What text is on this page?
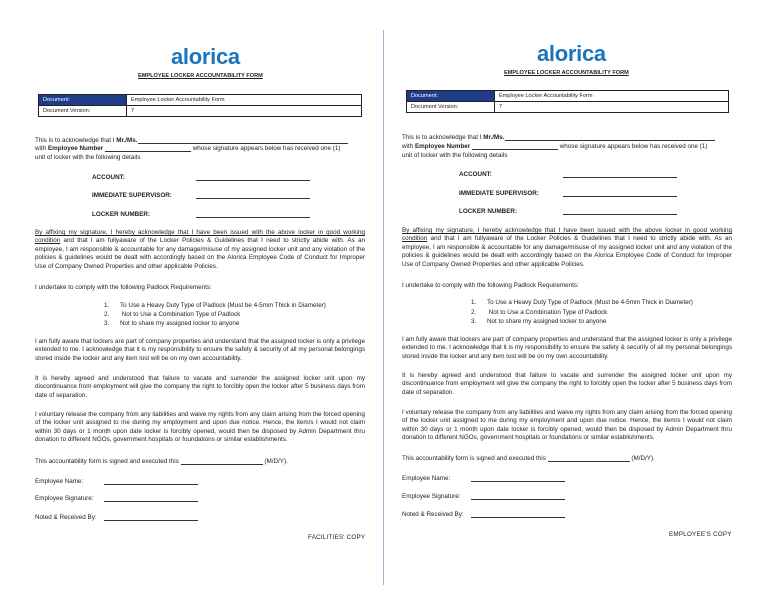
alorica
EMPLOYEE LOCKER ACCOUNTABILITY FORM
Document:	Employee Locker Accountability Form
Document Version:	7
This is to acknowledge that I Mr./Ms.
with Employee Number	whose signature appears below has received one (1)
unit of locker with the following details
ACCOUNT:
IMMEDIATE SUPERVISOR:
LOCKER NUMBER:
By affixing my signature, I hereby acknowledge that I have been issued with the above locker in good working condition and that I am fullyaware of the Locker Policies & Guidelines that I need to strictly abide with. As an employee, I am responsible & accountable for any damage/misuse of my assigned locker unit and any violation of the policies & guidelines would be dealt with accordingly based on the Alorica Employee Code of Conduct for Improper Use of Company Owned Properties and other applicable Policies.
I undertake to comply with the following Padlock Requirements:
1. To Use a Heavy Duty Type of Padlock (Must be 4-5mm Thick in Diameter)
2. Not to Use a Combination Type of Padlock
3. Not to share my assigned locker to anyone
I am fully aware that lockers are part of company properties and understand that the assigned locker is only a privilege extended to me. I acknowledge that it is my responsibility to ensure the safety & security of all my personal belongings stored inside the locker and any item lost will be on my own accountability.
It is hereby agreed and understood that failure to vacate and surrender the assigned locker unit upon my discontinuance from employment will give the company the right to forcibly open the locker after 5 business days from date of separation.
I voluntary release the company from any liabilities and waive my rights from any claim arising from the forced opening of the locker unit assigned to me during my employment and upon due notice. Hence, the item/s I would not claim within 30 days or 1 month upon date locker is forcibly opened, would then be disposed by Admin Department thru donation to different NGOs, government hospitals or foundations or similar establishments.
This accountability form is signed and executed this	(M/D/Y).
Employee Name:
Employee Signature:
Noted & Received By:
FACILITIES' COPY
alorica
EMPLOYEE LOCKER ACCOUNTABILITY FORM
Document:	Employee Locker Accountability Form
Document Version:	7
This is to acknowledge that I Mr./Ms.
with Employee Number	whose signature appears below has received one (1)
unit of locker with the following details
ACCOUNT:
IMMEDIATE SUPERVISOR:
LOCKER NUMBER:
By affixing my signature, I hereby acknowledge that I have been issued with the above locker in good working condition and that I am fullyaware of the Locker Policies & Guidelines that I need to strictly abide with. As an employee, I am responsible & accountable for any damage/misuse of my assigned locker unit and any violation of the policies & guidelines would be dealt with accordingly based on the Alorica Employee Code of Conduct for Improper Use of Company Owned Properties and other applicable Policies.
I undertake to comply with the following Padlock Requirements:
1. To Use a Heavy Duty Type of Padlock (Must be 4-5mm Thick in Diameter)
2. Not to Use a Combination Type of Padlock
3. Not to share my assigned locker to anyone
I am fully aware that lockers are part of company properties and understand that the assigned locker is only a privilege extended to me. I acknowledge that it is my responsibility to ensure the safety & security of all my personal belongings stored inside the locker and any item lost will be on my own accountability.
It is hereby agreed and understood that failure to vacate and surrender the assigned locker unit upon my discontinuance from employment will give the company the right to forcibly open the locker after 5 business days from date of separation.
I voluntary release the company from any liabilities and waive my rights from any claim arising from the forced opening of the locker unit assigned to me during my employment and upon due notice. Hence, the item/s I would not claim within 30 days or 1 month upon date locker is forcibly opened, would then be disposed by Admin Department thru donation to different NGOs, government hospitals or foundations or similar establishments.
This accountability form is signed and executed this	(M/D/Y).
Employee Name:
Employee Signature:
Noted & Received By:
EMPLOYEE'S COPY
